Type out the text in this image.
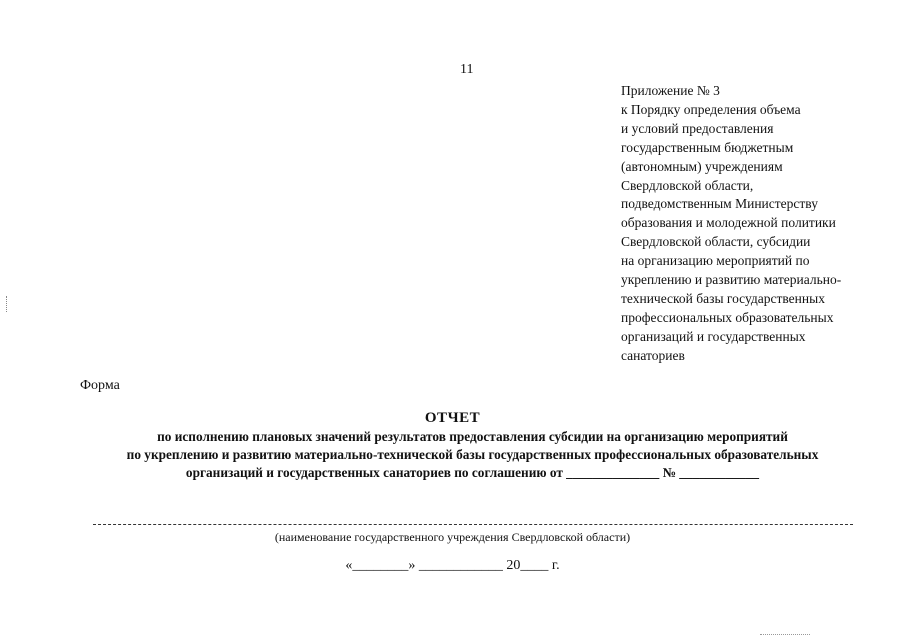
11
Приложение № 3
к Порядку определения объема
и условий предоставления
государственным бюджетным
(автономным) учреждениям
Свердловской области,
подведомственным Министерству
образования и молодежной политики
Свердловской области, субсидии
на организацию мероприятий по
укреплению и развитию материально-
технической базы государственных
профессиональных образовательных
организаций и государственных
санаториев
Форма
ОТЧЕТ
по исполнению плановых значений результатов предоставления субсидии на организацию мероприятий
по укреплению и развитию материально-технической базы государственных профессиональных образовательных
организаций и государственных санаториев по соглашению от ______________ № ____________
(наименование государственного учреждения Свердловской области)
«________» ____________ 20____ г.
